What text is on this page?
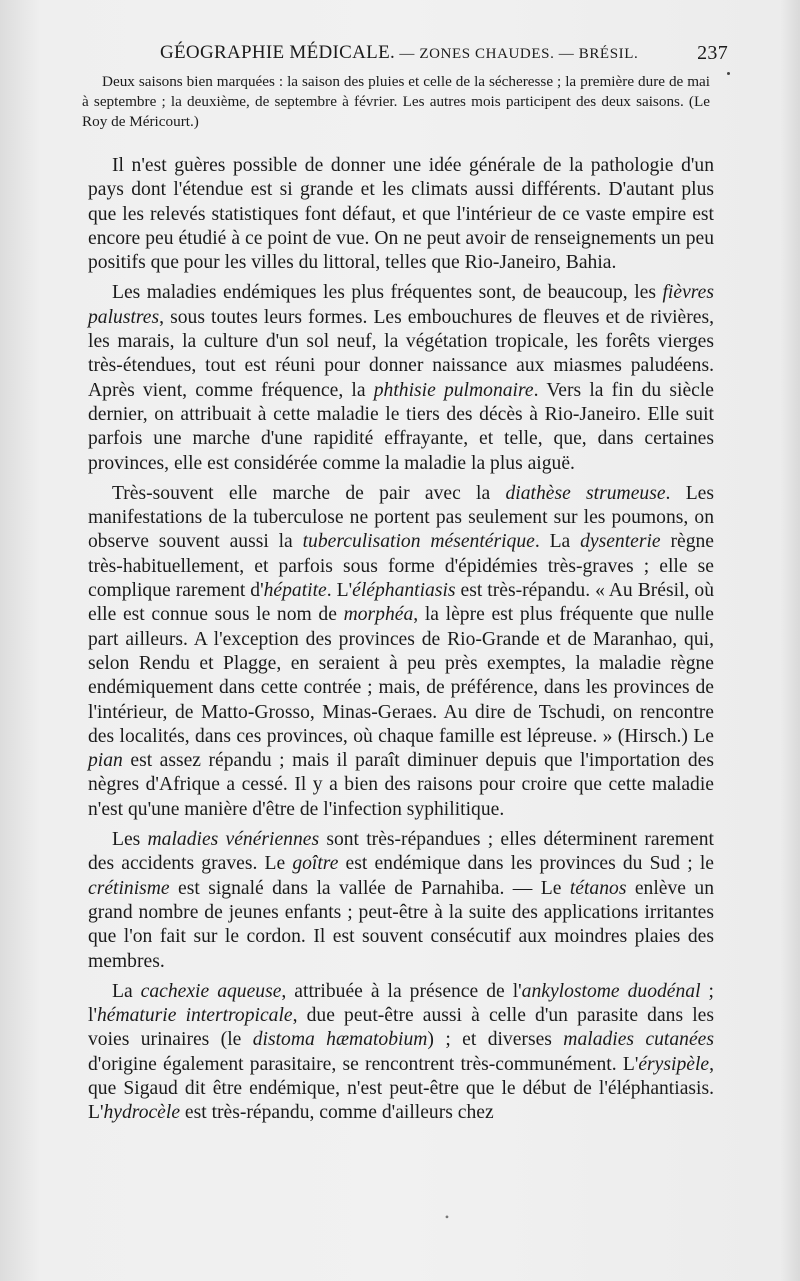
GÉOGRAPHIE MÉDICALE. — ZONES CHAUDES. — BRÉSIL.	237

Deux saisons bien marquées : la saison des pluies et celle de la sécheresse ; la première dure de mai à septembre ; la deuxième, de septembre à février. Les autres mois participent des deux saisons. (Le Roy de Méricourt.)

Il n'est guères possible de donner une idée générale de la pathologie d'un pays dont l'étendue est si grande et les climats aussi différents. D'autant plus que les relevés statistiques font défaut, et que l'intérieur de ce vaste empire est encore peu étudié à ce point de vue. On ne peut avoir de renseignements un peu positifs que pour les villes du littoral, telles que Rio-Janeiro, Bahia.

Les maladies endémiques les plus fréquentes sont, de beaucoup, les fièvres palustres, sous toutes leurs formes. Les embouchures de fleuves et de rivières, les marais, la culture d'un sol neuf, la végétation tropicale, les forêts vierges très-étendues, tout est réuni pour donner naissance aux miasmes paludéens. Après vient, comme fréquence, la phthisie pulmonaire. Vers la fin du siècle dernier, on attribuait à cette maladie le tiers des décès à Rio-Janeiro. Elle suit parfois une marche d'une rapidité effrayante, et telle, que, dans certaines provinces, elle est considérée comme la maladie la plus aiguë.

Très-souvent elle marche de pair avec la diathèse strumeuse. Les manifestations de la tuberculose ne portent pas seulement sur les poumons, on observe souvent aussi la tuberculisation mésentérique. La dysenterie règne très-habituellement, et parfois sous forme d'épidémies très-graves ; elle se complique rarement d'hépatite. L'éléphantiasis est très-répandu. « Au Brésil, où elle est connue sous le nom de morphéa, la lèpre est plus fréquente que nulle part ailleurs. A l'exception des provinces de Rio-Grande et de Maranhao, qui, selon Rendu et Plagge, en seraient à peu près exemptes, la maladie règne endémiquement dans cette contrée ; mais, de préférence, dans les provinces de l'intérieur, de Matto-Grosso, Minas-Geraes. Au dire de Tschudi, on rencontre des localités, dans ces provinces, où chaque famille est lépreuse. » (Hirsch.) Le pian est assez répandu ; mais il paraît diminuer depuis que l'importation des nègres d'Afrique a cessé. Il y a bien des raisons pour croire que cette maladie n'est qu'une manière d'être de l'infection syphilitique.

Les maladies vénériennes sont très-répandues ; elles déterminent rarement des accidents graves. Le goître est endémique dans les provinces du Sud ; le crétinisme est signalé dans la vallée de Parnahiba. — Le tétanos enlève un grand nombre de jeunes enfants ; peut-être à la suite des applications irritantes que l'on fait sur le cordon. Il est souvent consécutif aux moindres plaies des membres.

La cachexie aqueuse, attribuée à la présence de l'ankylostome duodénal ; l'hématurie intertropicale, due peut-être aussi à celle d'un parasite dans les voies urinaires (le distoma hæmatobium) ; et diverses maladies cutanées d'origine également parasitaire, se rencontrent très-communément. L'érysipèle, que Sigaud dit être endémique, n'est peut-être que le début de l'éléphantiasis. L'hydrocèle est très-répandu, comme d'ailleurs chez

•
